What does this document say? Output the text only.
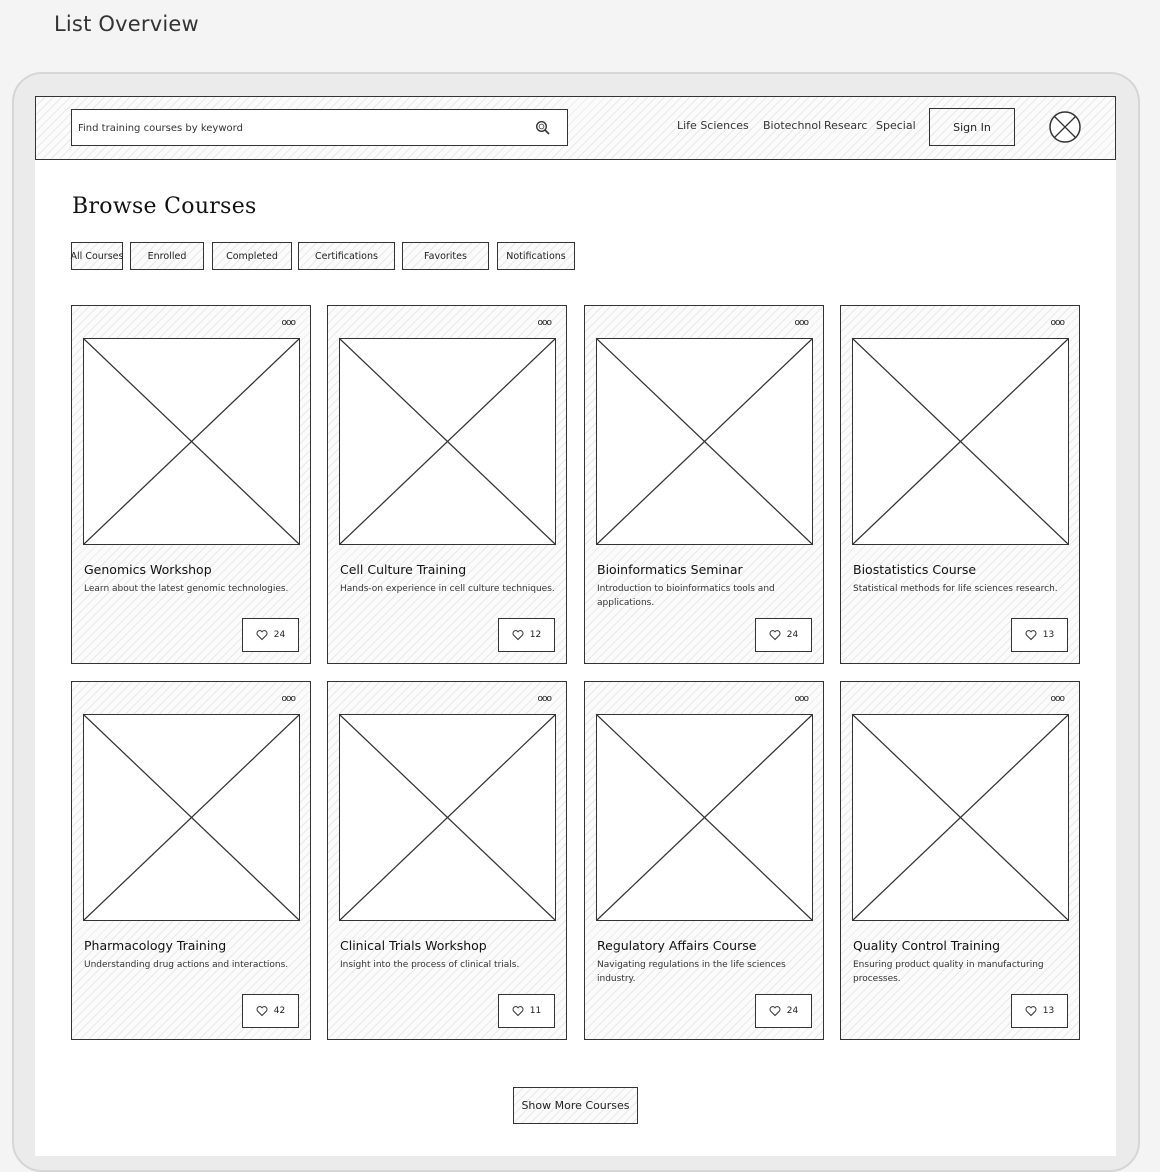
List Overview
Find training courses by keyword
Life Sciences Biotechnol Researc Special	Sign In
Browse Courses
All Courses	Enrolled	Completed	Certifications	Favorites	Notifications
ooo
Genomics Workshop
Learn about the latest genomic technologies.
24
ooo
Cell Culture Training
Hands-on experience in cell culture techniques.
12
ooo
Bioinformatics Seminar
Introduction to bioinformatics tools and applications.
24
ooo
Biostatistics Course
Statistical methods for life sciences research.
13
ooo
Pharmacology Training
Understanding drug actions and interactions.
42
ooo
Clinical Trials Workshop
Insight into the process of clinical trials.
11
ooo
Regulatory Affairs Course
Navigating regulations in the life sciences industry.
24
ooo
Quality Control Training
Ensuring product quality in manufacturing processes.
13
Show More Courses
